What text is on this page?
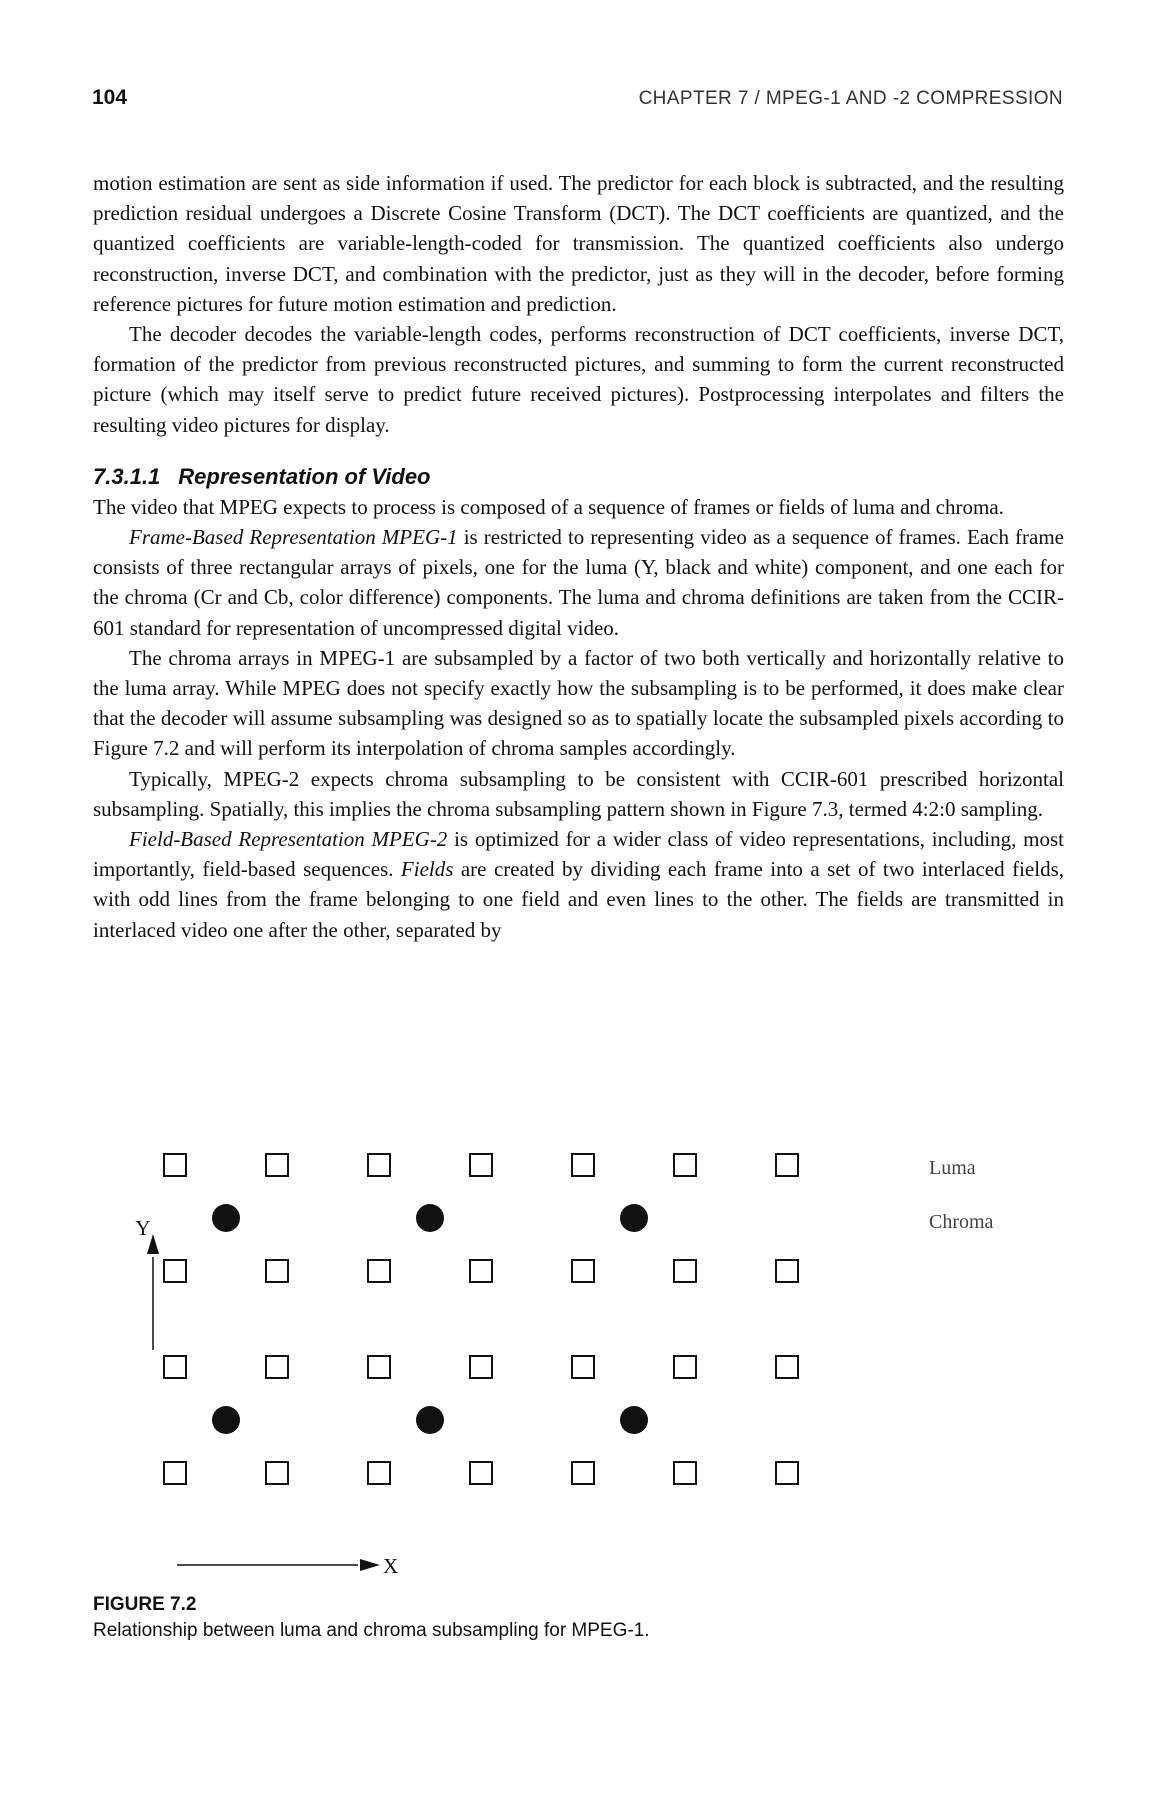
104	CHAPTER 7 / MPEG-1 AND -2 COMPRESSION

motion estimation are sent as side information if used. The predictor for each block is subtracted, and the resulting prediction residual undergoes a Discrete Cosine Transform (DCT). The DCT coefficients are quantized, and the quantized coefficients are variable-length-coded for transmission. The quantized coefficients also undergo reconstruction, inverse DCT, and combination with the predictor, just as they will in the decoder, before forming reference pictures for future motion estimation and prediction.

The decoder decodes the variable-length codes, performs reconstruction of DCT coefficients, inverse DCT, formation of the predictor from previous reconstructed pictures, and summing to form the current reconstructed picture (which may itself serve to predict future received pictures). Postprocessing interpolates and filters the resulting video pictures for display.

7.3.1.1 Representation of Video

The video that MPEG expects to process is composed of a sequence of frames or fields of luma and chroma.

Frame-Based Representation MPEG-1 is restricted to representing video as a sequence of frames. Each frame consists of three rectangular arrays of pixels, one for the luma (Y, black and white) component, and one each for the chroma (Cr and Cb, color difference) components. The luma and chroma definitions are taken from the CCIR-601 standard for representation of uncompressed digital video.

The chroma arrays in MPEG-1 are subsampled by a factor of two both vertically and horizontally relative to the luma array. While MPEG does not specify exactly how the subsampling is to be performed, it does make clear that the decoder will assume subsampling was designed so as to spatially locate the subsampled pixels according to Figure 7.2 and will perform its interpolation of chroma samples accordingly.

Typically, MPEG-2 expects chroma subsampling to be consistent with CCIR-601 prescribed horizontal subsampling. Spatially, this implies the chroma subsampling pattern shown in Figure 7.3, termed 4:2:0 sampling.

Field-Based Representation MPEG-2 is optimized for a wider class of video representations, including, most importantly, field-based sequences. Fields are created by dividing each frame into a set of two interlaced fields, with odd lines from the frame belonging to one field and even lines to the other. The fields are transmitted in interlaced video one after the other, separated by

Luma
Chroma
Y
X
FIGURE 7.2
Relationship between luma and chroma subsampling for MPEG-1.
